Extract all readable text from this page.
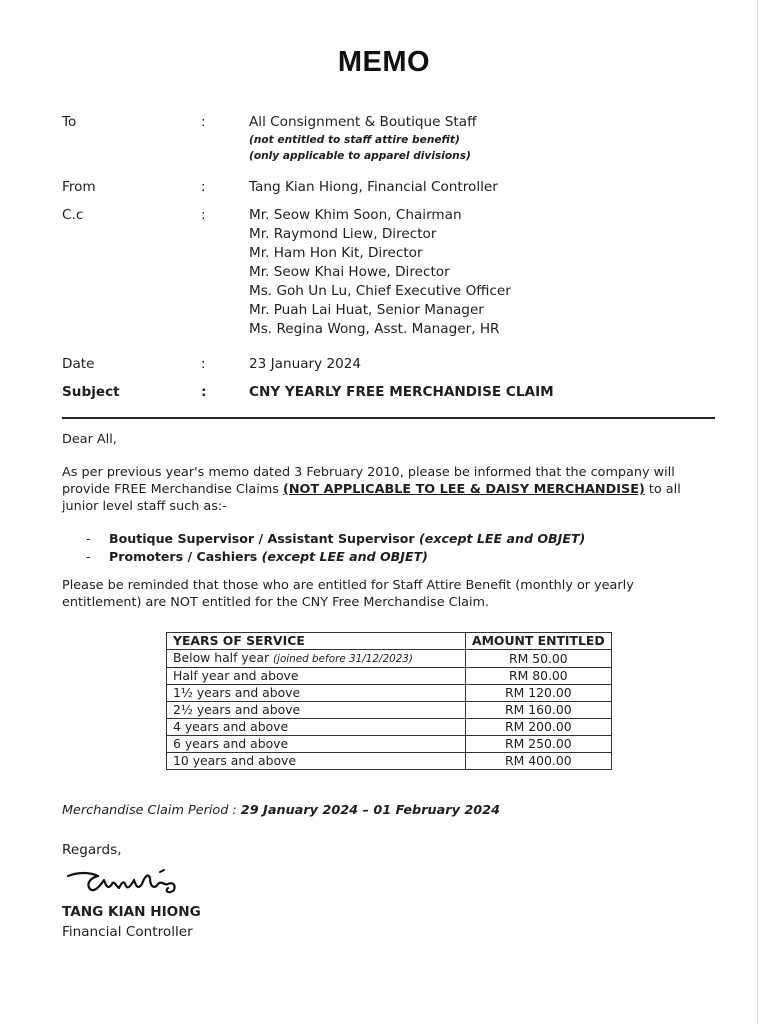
MEMO
To	:	All Consignment & Boutique Staff
(not entitled to staff attire benefit)
(only applicable to apparel divisions)
From	:	Tang Kian Hiong, Financial Controller
C.c	:	Mr. Seow Khim Soon, Chairman
Mr. Raymond Liew, Director
Mr. Ham Hon Kit, Director
Mr. Seow Khai Howe, Director
Ms. Goh Un Lu, Chief Executive Officer
Mr. Puah Lai Huat, Senior Manager
Ms. Regina Wong, Asst. Manager, HR
Date	:	23 January 2024
Subject	:	CNY YEARLY FREE MERCHANDISE CLAIM
Dear All,
As per previous year's memo dated 3 February 2010, please be informed that the company will provide FREE Merchandise Claims (NOT APPLICABLE TO LEE & DAISY MERCHANDISE) to all junior level staff such as:-
- Boutique Supervisor / Assistant Supervisor (except LEE and OBJET)
- Promoters / Cashiers (except LEE and OBJET)
Please be reminded that those who are entitled for Staff Attire Benefit (monthly or yearly entitlement) are NOT entitled for the CNY Free Merchandise Claim.
YEARS OF SERVICE	AMOUNT ENTITLED
Below half year (joined before 31/12/2023)	RM 50.00
Half year and above	RM 80.00
1½ years and above	RM 120.00
2½ years and above	RM 160.00
4 years and above	RM 200.00
6 years and above	RM 250.00
10 years and above	RM 400.00
Merchandise Claim Period : 29 January 2024 – 01 February 2024
Regards,
TANG KIAN HIONG
Financial Controller
